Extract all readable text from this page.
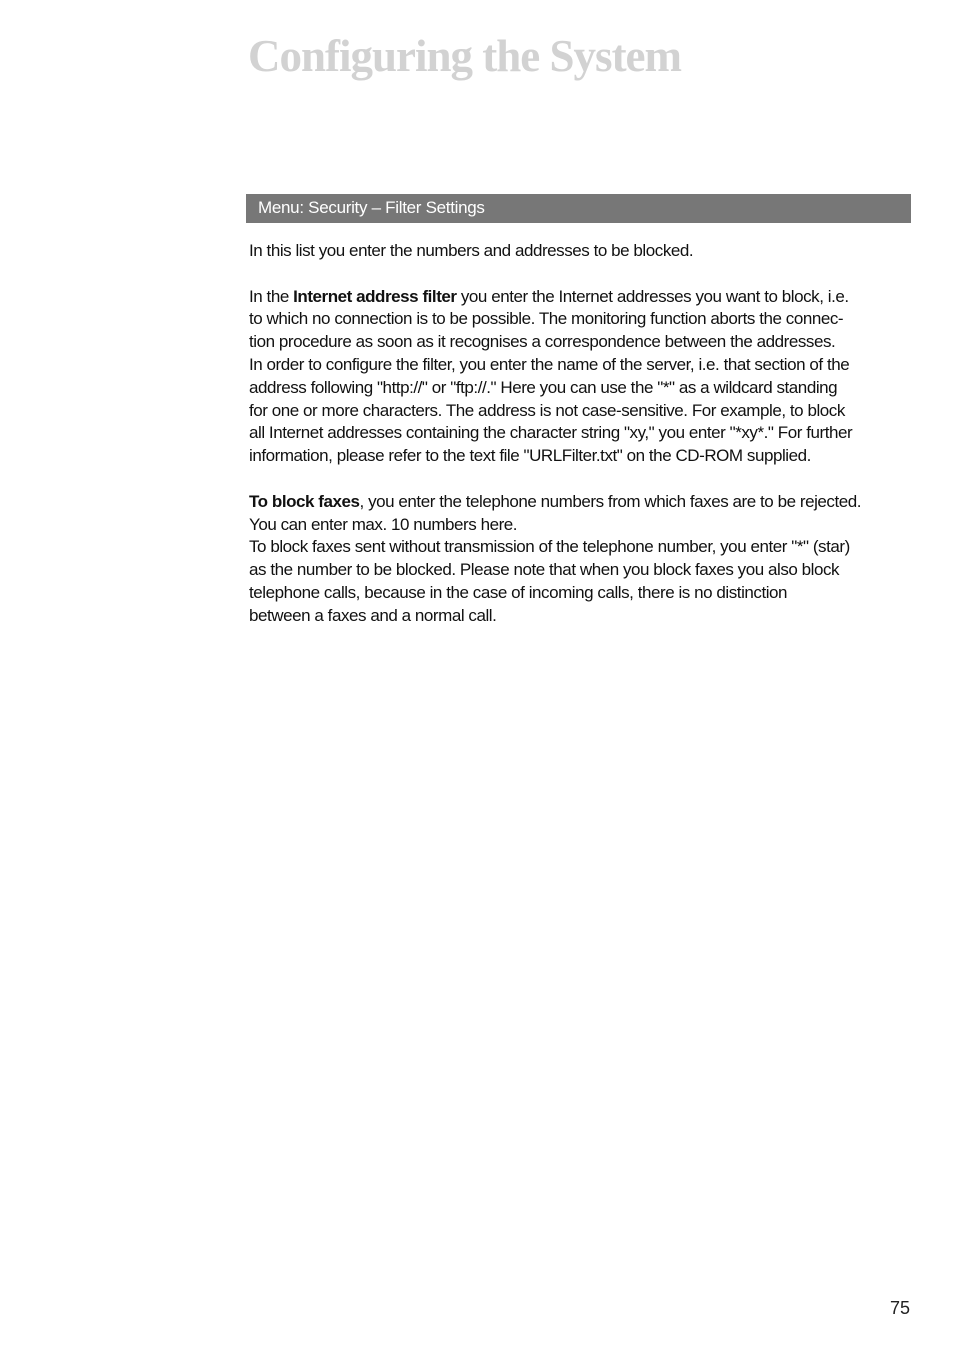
Configuring the System
Menu: Security – Filter Settings

In this list you enter the numbers and addresses to be blocked.

In the Internet address filter you enter the Internet addresses you want to block, i.e.
to which no connection is to be possible. The monitoring function aborts the connec-
tion procedure as soon as it recognises a correspondence between the addresses.
In order to configure the filter, you enter the name of the server, i.e. that section of the
address following "http://" or "ftp://." Here you can use the "*" as a wildcard standing
for one or more characters. The address is not case-sensitive. For example, to block
all Internet addresses containing the character string "xy," you enter "*xy*." For further
information, please refer to the text file "URLFilter.txt" on the CD-ROM supplied.

To block faxes, you enter the telephone numbers from which faxes are to be rejected.
You can enter max. 10 numbers here.
To block faxes sent without transmission of the telephone number, you enter "*" (star)
as the number to be blocked. Please note that when you block faxes you also block
telephone calls, because in the case of incoming calls, there is no distinction
between a faxes and a normal call.

75
